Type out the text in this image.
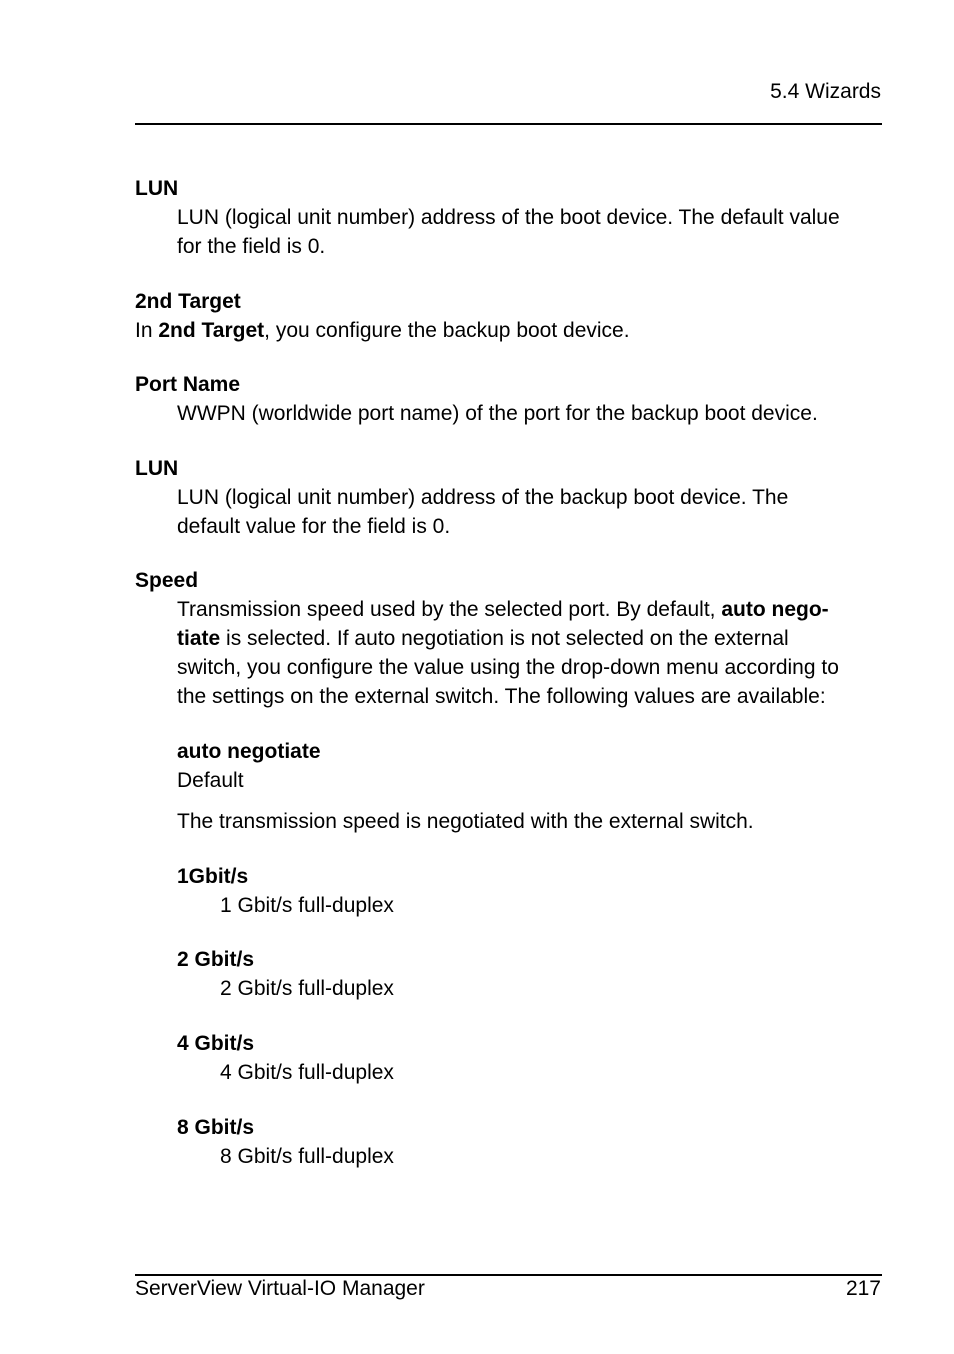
5.4 Wizards
LUN
LUN (logical unit number) address of the boot device. The default value
for the field is 0.
2nd Target
In 2nd Target, you configure the backup boot device.
Port Name
WWPN (worldwide port name) of the port for the backup boot device.
LUN
LUN (logical unit number) address of the backup boot device. The
default value for the field is 0.
Speed
Transmission speed used by the selected port. By default, auto nego-
tiate is selected. If auto negotiation is not selected on the external
switch, you configure the value using the drop-down menu according to
the settings on the external switch. The following values are available:
auto negotiate
Default
The transmission speed is negotiated with the external switch.
1Gbit/s
1 Gbit/s full-duplex
2 Gbit/s
2 Gbit/s full-duplex
4 Gbit/s
4 Gbit/s full-duplex
8 Gbit/s
8 Gbit/s full-duplex
ServerView Virtual-IO Manager	217
